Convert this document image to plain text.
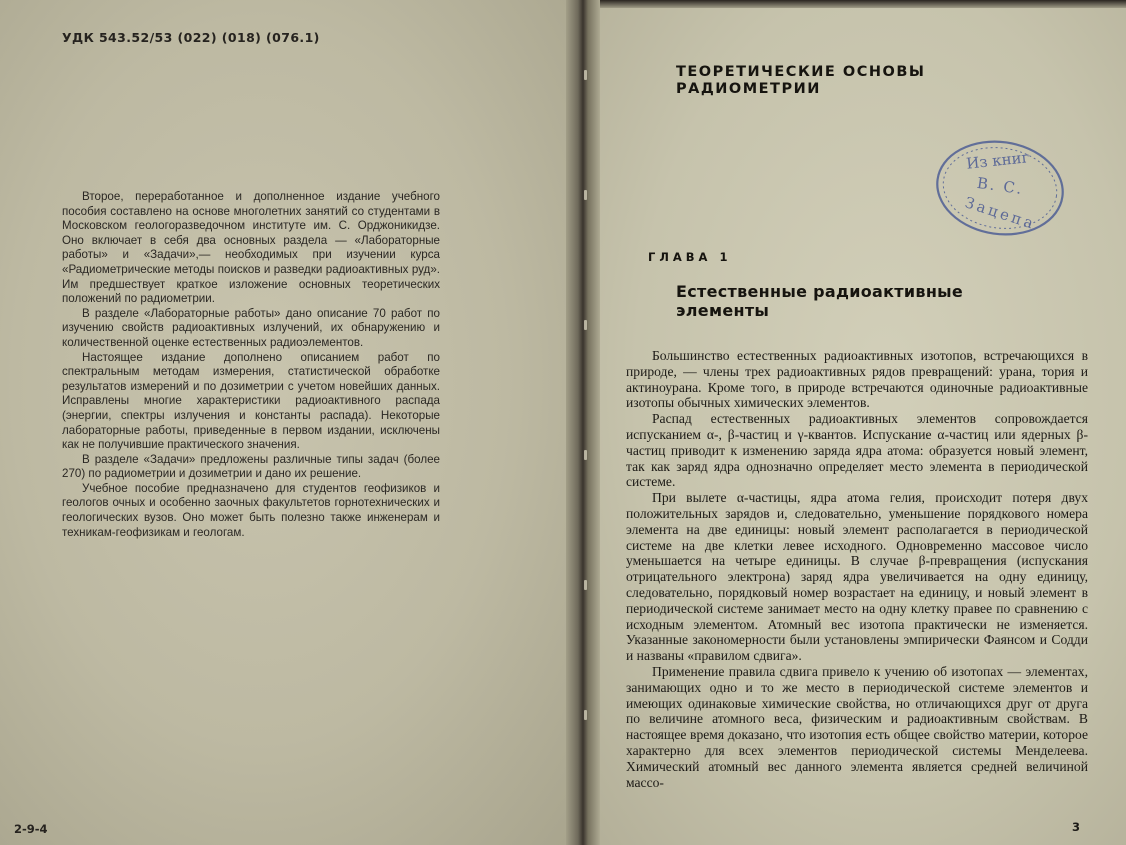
УДК 543.52/53 (022) (018) (076.1)

Второе, переработанное и дополненное издание учебного пособия составлено на основе многолетних занятий со студентами в Московском геологоразведочном институте им. С. Орджоникидзе. Оно включает в себя два основных раздела — «Лабораторные работы» и «Задачи»,— необходимых при изучении курса «Радиометрические методы поисков и разведки радиоактивных руд». Им предшествует краткое изложение основных теоретических положений по радиометрии.

В разделе «Лабораторные работы» дано описание 70 работ по изучению свойств радиоактивных излучений, их обнаружению и количественной оценке естественных радиоэлементов.

Настоящее издание дополнено описанием работ по спектральным методам измерения, статистической обработке результатов измерений и по дозиметрии с учетом новейших данных. Исправлены многие характеристики радиоактивного распада (энергии, спектры излучения и константы распада). Некоторые лабораторные работы, приведенные в первом издании, исключены как не получившие практического значения.

В разделе «Задачи» предложены различные типы задач (более 270) по радиометрии и дозиметрии и дано их решение.

Учебное пособие предназначено для студентов геофизиков и геологов очных и особенно заочных факультетов горнотехнических и геологических вузов. Оно может быть полезно также инженерам и техникам-геофизикам и геологам.

2-9-4
ТЕОРЕТИЧЕСКИЕ ОСНОВЫ
РАДИОМЕТРИИ
Из книг
В. С.
Зацепа
ГЛАВА 1
Естественные радиоактивные
элементы

Большинство естественных радиоактивных изотопов, встречающихся в природе, — члены трех радиоактивных рядов превращений: урана, тория и актиноурана. Кроме того, в природе встречаются одиночные радиоактивные изотопы обычных химических элементов.

Распад естественных радиоактивных элементов сопровождается испусканием α-, β-частиц и γ-квантов. Испускание α-частиц или ядерных β-частиц приводит к изменению заряда ядра атома: образуется новый элемент, так как заряд ядра однозначно определяет место элемента в периодической системе.

При вылете α-частицы, ядра атома гелия, происходит потеря двух положительных зарядов и, следовательно, уменьшение порядкового номера элемента на две единицы: новый элемент располагается в периодической системе на две клетки левее исходного. Одновременно массовое число уменьшается на четыре единицы. В случае β-превращения (испускания отрицательного электрона) заряд ядра увеличивается на одну единицу, следовательно, порядковый номер возрастает на единицу, и новый элемент в периодической системе занимает место на одну клетку правее по сравнению с исходным элементом. Атомный вес изотопа практически не изменяется. Указанные закономерности были установлены эмпирически Фаянсом и Содди и названы «правилом сдвига».

Применение правила сдвига привело к учению об изотопах — элементах, занимающих одно и то же место в периодической системе элементов и имеющих одинаковые химические свойства, но отличающихся друг от друга по величине атомного веса, физическим и радиоактивным свойствам. В настоящее время доказано, что изотопия есть общее свойство материи, которое характерно для всех элементов периодической системы Менделеева. Химический атомный вес данного элемента является средней величиной массо-

3
